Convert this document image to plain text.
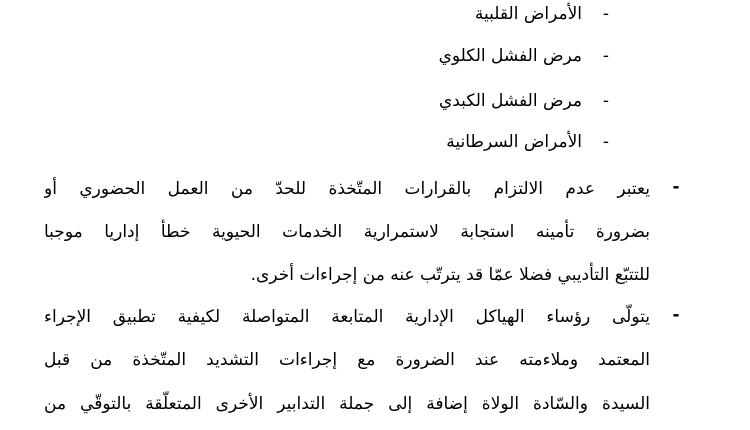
-
الأمراض القلبية
-
مرض الفشل الكلوي
-
مرض الفشل الكبدي
-
الأمراض السرطانية
-
يعتبر عدم الالتزام بالقرارات المتّخذة للحدّ من العمل الحضوري أو
بضرورة تأمينه استجابة لاستمرارية الخدمات الحيوية خطأ إداريا موجبا
للتتبّع التأديبي فضلا عمّا قد يترتّب عنه من إجراءات أخرى.
-
يتولّى رؤساء الهياكل الإدارية المتابعة المتواصلة لكيفية تطبيق الإجراء
المعتمد وملاءمته عند الضرورة مع إجراءات التشديد المتّخذة من قبل
السيدة والسّادة الولاة إضافة إلى جملة التدابير الأخرى المتعلّقة بالتوقّي من
